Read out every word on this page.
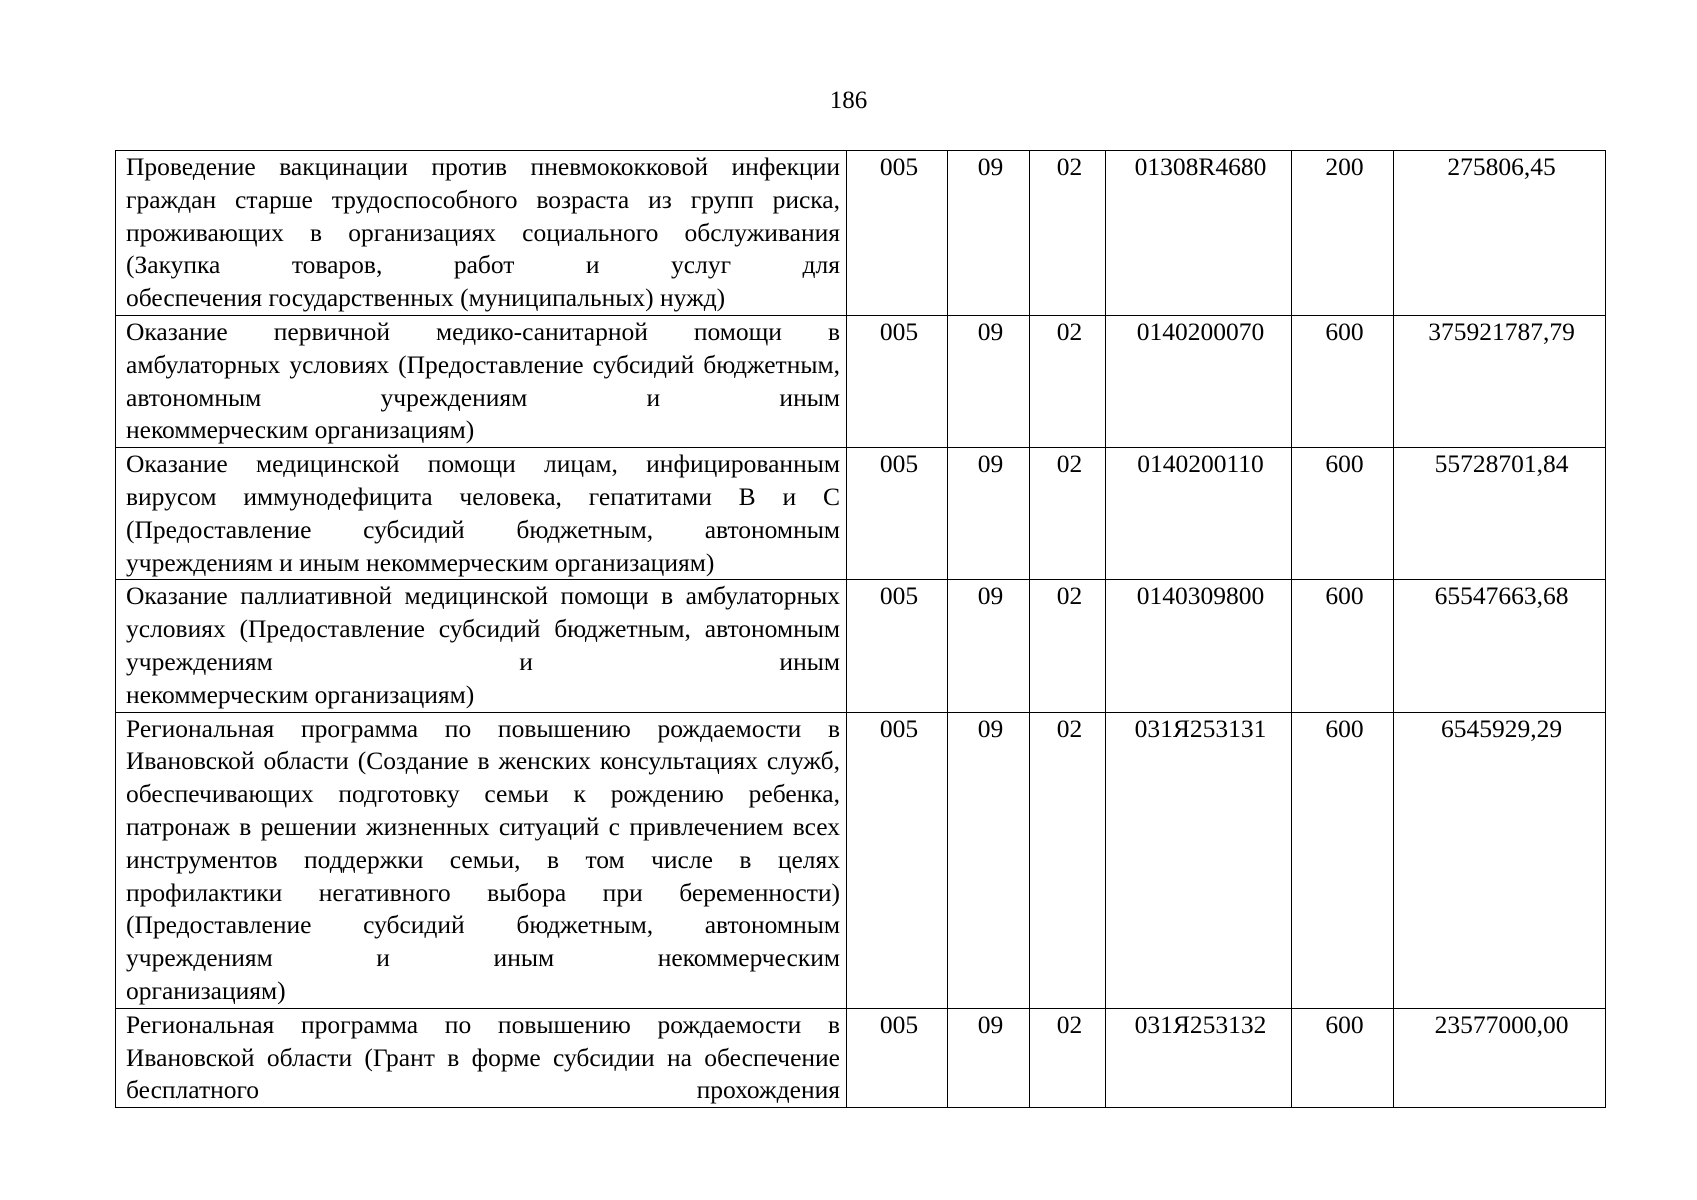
186
Проведение вакцинации против пневмококковой инфекции граждан старше трудоспособного возраста из групп риска, проживающих в организациях социального обслуживания (Закупка товаров, работ и услуг для
обеспечения государственных (муниципальных) нужд)	005	09	02	01308R4680	200	275806,45

Оказание первичной медико-санитарной помощи в амбулаторных условиях (Предоставление субсидий бюджетным, автономным учреждениям и иным
некоммерческим организациям)	005	09	02	0140200070	600	375921787,79

Оказание медицинской помощи лицам, инфицированным вирусом иммунодефицита человека, гепатитами В и С (Предоставление субсидий бюджетным, автономным
учреждениям и иным некоммерческим организациям)	005	09	02	0140200110	600	55728701,84

Оказание паллиативной медицинской помощи в амбулаторных условиях (Предоставление субсидий бюджетным, автономным учреждениям и иным
некоммерческим организациям)	005	09	02	0140309800	600	65547663,68

Региональная программа по повышению рождаемости в Ивановской области (Создание в женских консультациях служб, обеспечивающих подготовку семьи к рождению ребенка, патронаж в решении жизненных ситуаций с привлечением всех инструментов поддержки семьи, в том числе в целях профилактики негативного выбора при беременности) (Предоставление субсидий бюджетным, автономным учреждениям и иным некоммерческим
организациям)	005	09	02	031Я253131	600	6545929,29

Региональная программа по повышению рождаемости в Ивановской области (Грант в форме субсидии на обеспечение бесплатного прохождения	005	09	02	031Я253132	600	23577000,00
